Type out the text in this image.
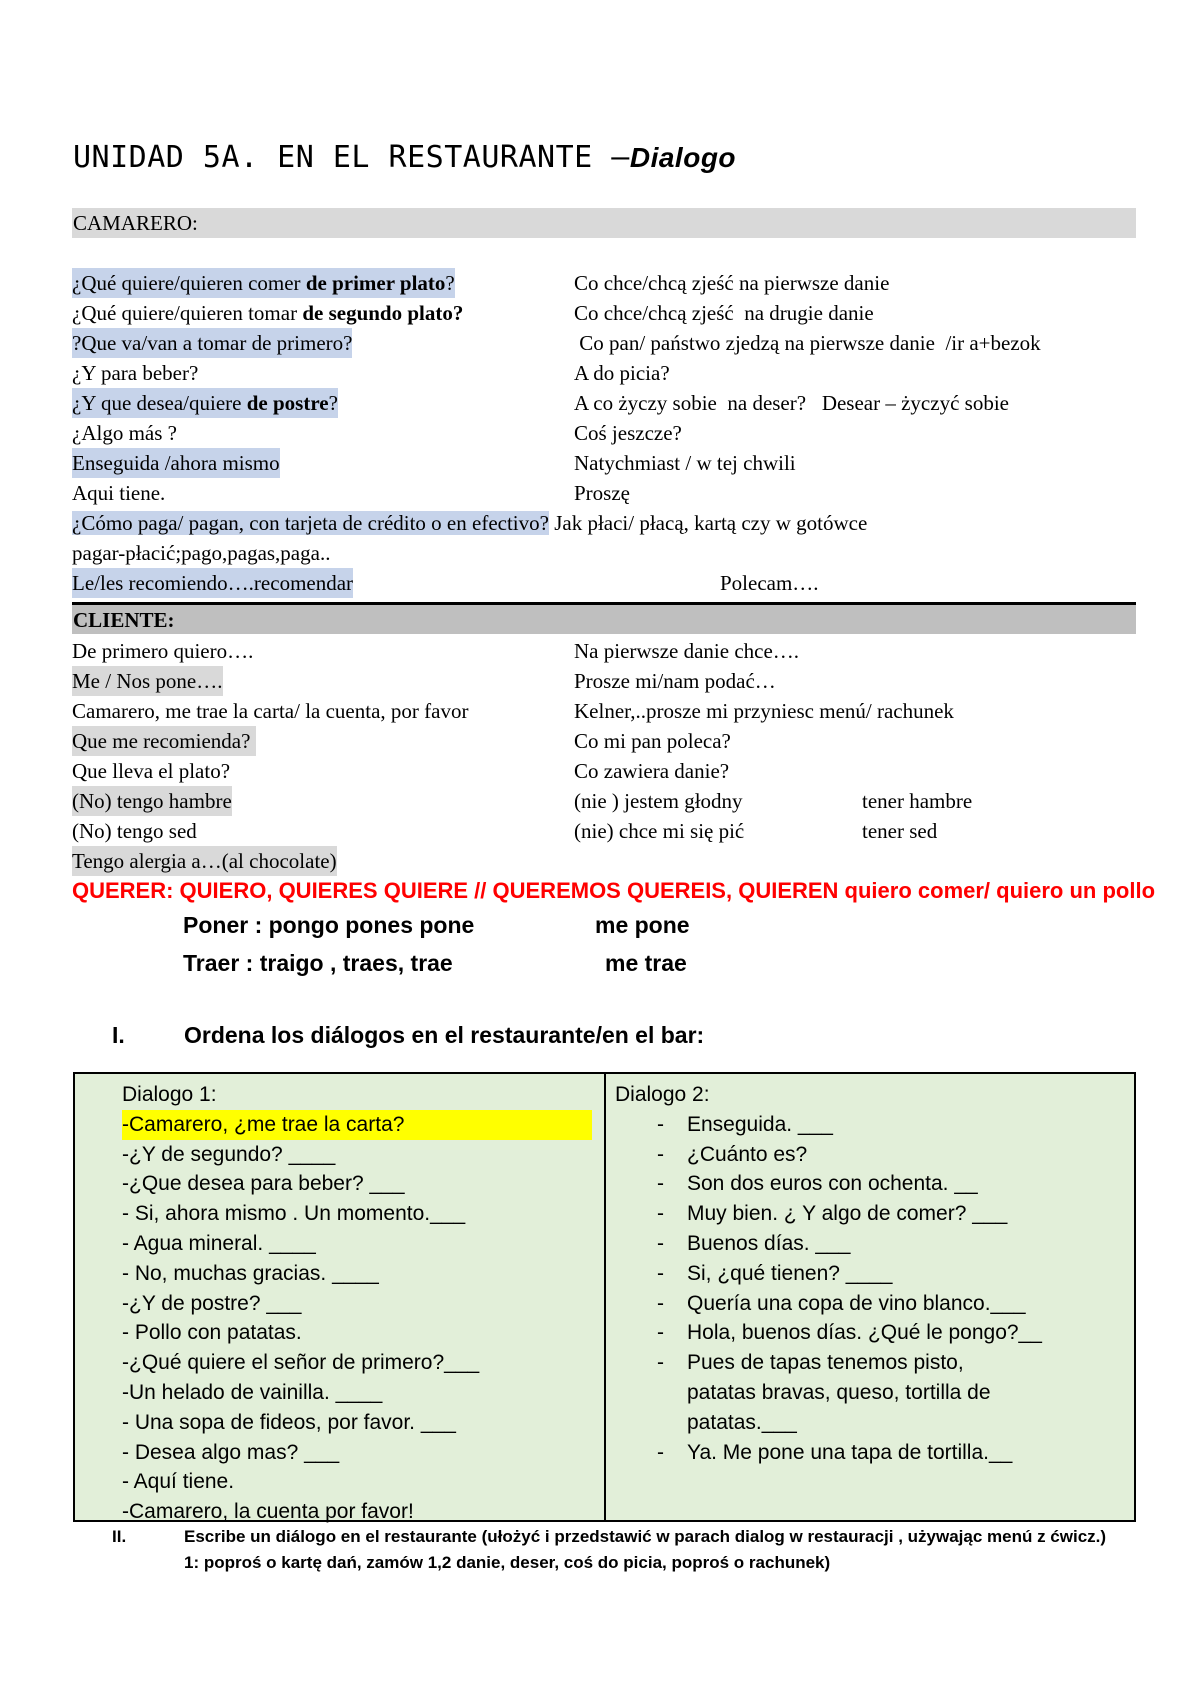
UNIDAD 5A. EN EL RESTAURANTE –Dialogo
CAMARERO:
¿Qué quiere/quieren comer de primer plato?	Co chce/chcą zjeść na pierwsze danie
¿Qué quiere/quieren tomar de segundo plato?	Co chce/chcą zjeść  na drugie danie
?Que va/van a tomar de primero?	Co pan/ państwo zjedzą na pierwsze danie  /ir a+bezok
¿Y para beber?	A do picia?
¿Y que desea/quiere de postre?	A co życzy sobie  na deser?   Desear – życzyć sobie
¿Algo más ?	Coś jeszcze?
Enseguida /ahora mismo	Natychmiast / w tej chwili
Aqui tiene.	Proszę
¿Cómo paga/ pagan, con tarjeta de crédito o en efectivo? Jak płaci/ płacą, kartą czy w gotówce
pagar-płacić;pago,pagas,paga..
Le/les recomiendo….recomendar	Polecam….
CLIENTE:
De primero quiero….	Na pierwsze danie chce….
Me / Nos pone….	Prosze mi/nam podać…
Camarero, me trae la carta/ la cuenta, por favor	Kelner,..prosze mi przyniesc menú/ rachunek
Que me recomienda?	Co mi pan poleca?
Que lleva el plato?	Co zawiera danie?
(No) tengo hambre	(nie ) jestem głodny	tener hambre
(No) tengo sed	(nie) chce mi się pić	tener sed
Tengo alergia a…(al chocolate)
QUERER: QUIERO, QUIERES QUIERE // QUEREMOS QUEREIS, QUIEREN quiero comer/ quiero un pollo
Poner : pongo pones pone	me pone
Traer : traigo , traes, trae	me trae
I.	Ordena los diálogos en el restaurante/en el bar:
Dialogo 1:
-Camarero, ¿me trae la carta?
-¿Y de segundo? ____
-¿Que desea para beber? ___
- Si, ahora mismo . Un momento.___
- Agua mineral. ____
- No, muchas gracias. ____
-¿Y de postre? ___
- Pollo con patatas.
-¿Qué quiere el señor de primero?___
-Un helado de vainilla. ____
- Una sopa de fideos, por favor. ___
- Desea algo mas? ___
- Aquí tiene.
-Camarero, la cuenta por favor!
Dialogo 2:
- Enseguida. ___
- ¿Cuánto es?
- Son dos euros con ochenta. __
- Muy bien. ¿ Y algo de comer? ___
- Buenos días. ___
- Si, ¿qué tienen? ____
- Quería una copa de vino blanco.___
- Hola, buenos días. ¿Qué le pongo?__
- Pues de tapas tenemos pisto,
patatas bravas, queso, tortilla de
patatas.___
- Ya. Me pone una tapa de tortilla.__
II.	Escribe un diálogo en el restaurante (ułożyć i przedstawić w parach dialog w restauracji , używając menú z ćwicz.)
1: poproś o kartę dań, zamów 1,2 danie, deser, coś do picia, poproś o rachunek)
